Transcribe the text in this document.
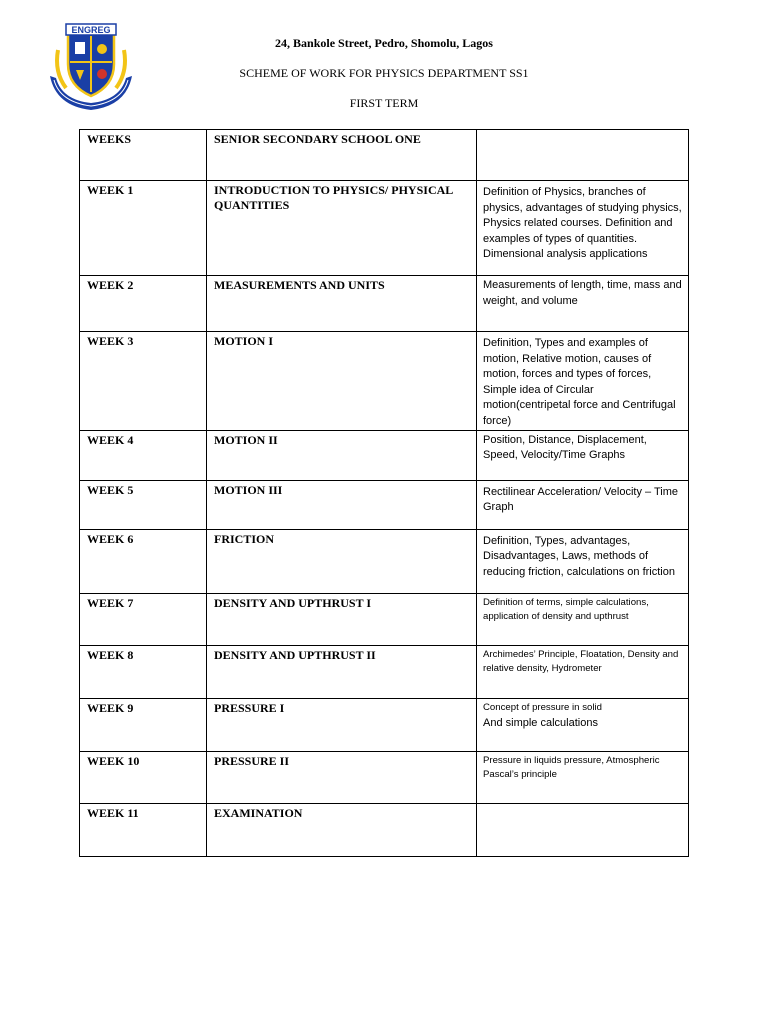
ENGREG
24, Bankole Street, Pedro, Shomolu, Lagos
SCHEME OF WORK FOR PHYSICS DEPARTMENT SS1
FIRST TERM
WEEKS	SENIOR SECONDARY SCHOOL ONE	

WEEK 1	INTRODUCTION TO PHYSICS/ PHYSICAL QUANTITIES	Definition of Physics, branches of physics, advantages of studying physics, Physics related courses. Definition and examples of types of quantities. Dimensional analysis applications

WEEK 2	MEASUREMENTS AND UNITS	Measurements of length, time, mass and weight, and volume

WEEK 3	MOTION I	Definition, Types and examples of motion, Relative motion, causes of motion, forces and types of forces, Simple idea of Circular motion(centripetal force and Centrifugal force)

WEEK 4	MOTION II	Position, Distance, Displacement, Speed, Velocity/Time Graphs

WEEK 5	MOTION III	Rectilinear Acceleration/ Velocity – Time Graph

WEEK 6	FRICTION	Definition, Types, advantages, Disadvantages, Laws, methods of reducing friction, calculations on friction

WEEK 7	DENSITY AND UPTHRUST I	Definition of terms, simple calculations, application of density and upthrust

WEEK 8	DENSITY AND UPTHRUST II	Archimedes’ Principle, Floatation, Density and relative density, Hydrometer

WEEK 9	PRESSURE I	Concept of pressure in solid
And simple calculations

WEEK 10	PRESSURE II	Pressure in liquids pressure, Atmospheric Pascal’s principle

WEEK 11	EXAMINATION	
